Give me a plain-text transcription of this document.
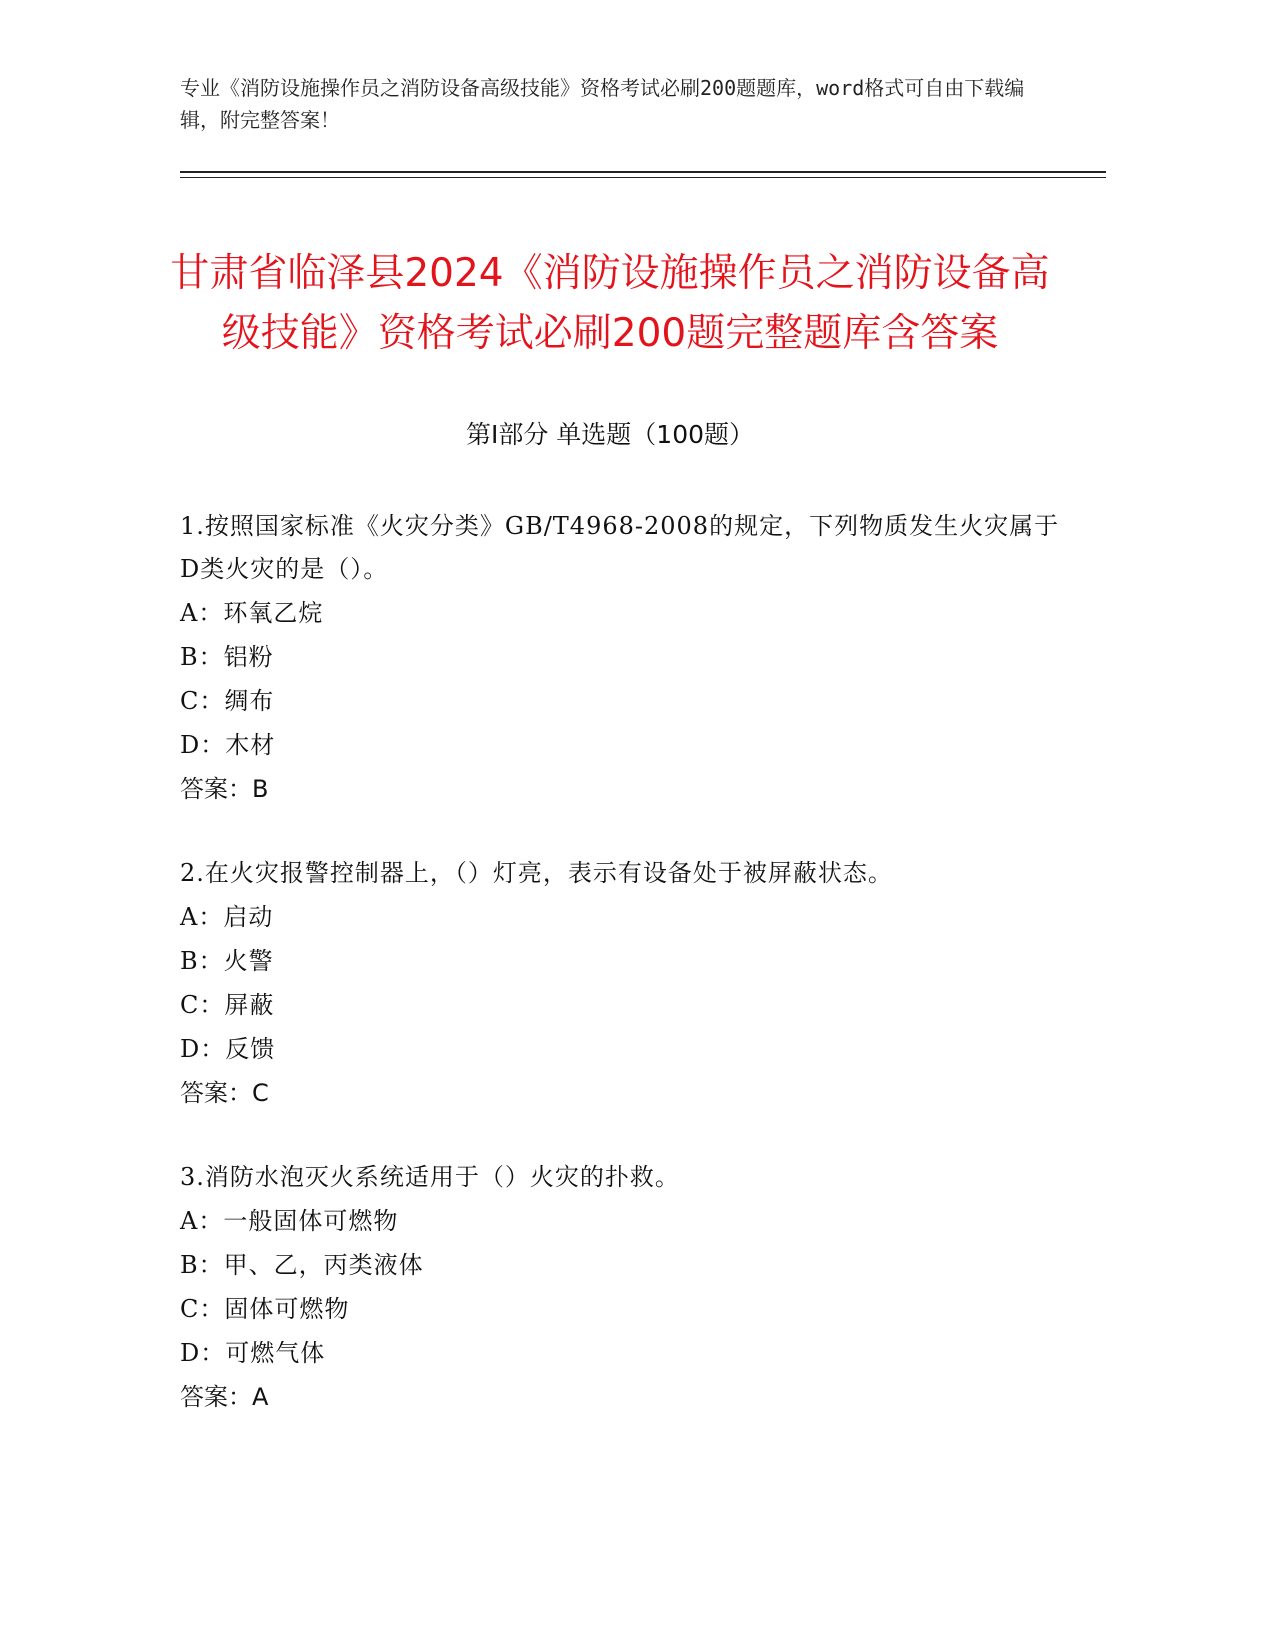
专业《消防设施操作员之消防设备高级技能》资格考试必刷200题题库，word格式可自由下载编辑，附完整答案！
甘肃省临泽县2024《消防设施操作员之消防设备高级技能》资格考试必刷200题完整题库含答案
第Ⅰ部分 单选题（100题）

1.按照国家标准《火灾分类》GB/T4968-2008的规定，下列物质发生火灾属于D类火灾的是（）。

A：环氧乙烷

B：铝粉

C：绸布

D：木材

答案：B

2.在火灾报警控制器上，（）灯亮，表示有设备处于被屏蔽状态。

A：启动

B：火警

C：屏蔽

D：反馈

答案：C

3.消防水泡灭火系统适用于（）火灾的扑救。

A：一般固体可燃物

B：甲、乙，丙类液体

C：固体可燃物

D：可燃气体

答案：A
